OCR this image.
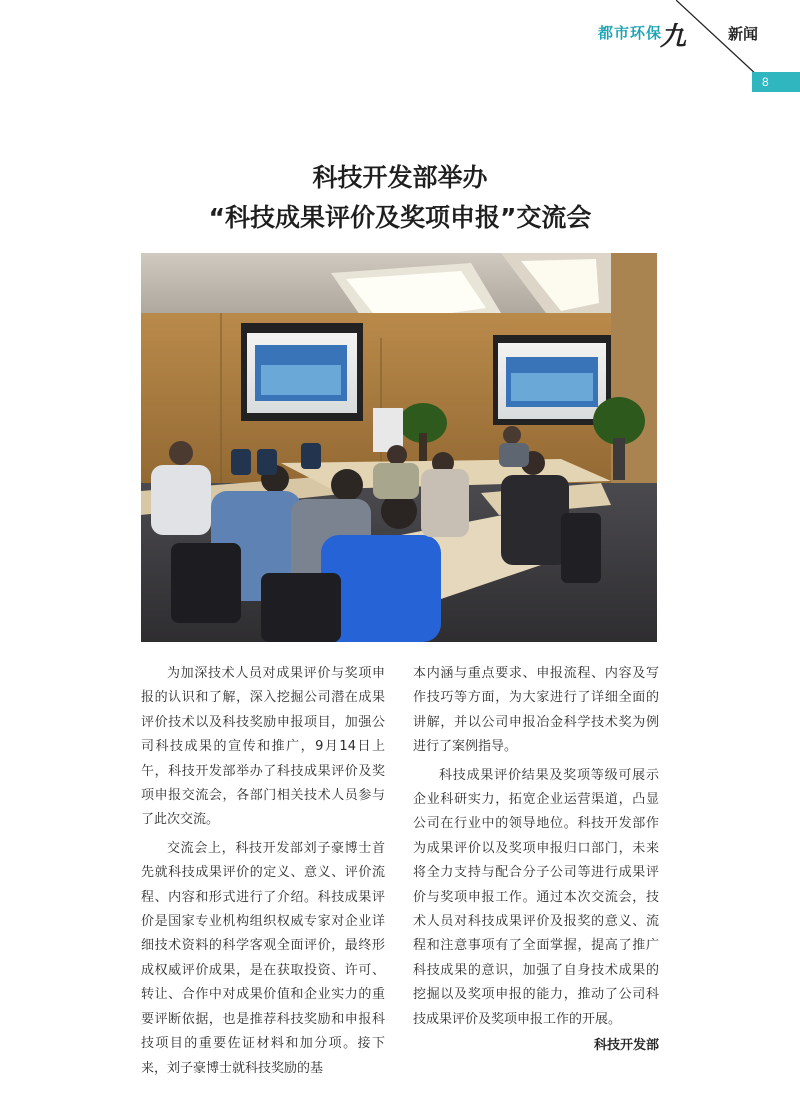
都市环保
九	新闻
8
科技开发部举办
“科技成果评价及奖项申报”交流会

为加深技术人员对成果评价与奖项申报的认识和了解，深入挖掘公司潜在成果评价技术以及科技奖励申报项目，加强公司科技成果的宣传和推广，9月14日上午，科技开发部举办了科技成果评价及奖项申报交流会，各部门相关技术人员参与了此次交流。

交流会上，科技开发部刘子豪博士首先就科技成果评价的定义、意义、评价流程、内容和形式进行了介绍。科技成果评价是国家专业机构组织权威专家对企业详细技术资料的科学客观全面评价，最终形成权威评价成果，是在获取投资、许可、转让、合作中对成果价值和企业实力的重要评断依据，也是推荐科技奖励和申报科技项目的重要佐证材料和加分项。接下来，刘子豪博士就科技奖励的基

本内涵与重点要求、申报流程、内容及写作技巧等方面，为大家进行了详细全面的讲解，并以公司申报冶金科学技术奖为例进行了案例指导。

科技成果评价结果及奖项等级可展示企业科研实力，拓宽企业运营渠道，凸显公司在行业中的领导地位。科技开发部作为成果评价以及奖项申报归口部门，未来将全力支持与配合分子公司等进行成果评价与奖项申报工作。通过本次交流会，技术人员对科技成果评价及报奖的意义、流程和注意事项有了全面掌握，提高了推广科技成果的意识，加强了自身技术成果的挖掘以及奖项申报的能力，推动了公司科技成果评价及奖项申报工作的开展。

科技开发部
